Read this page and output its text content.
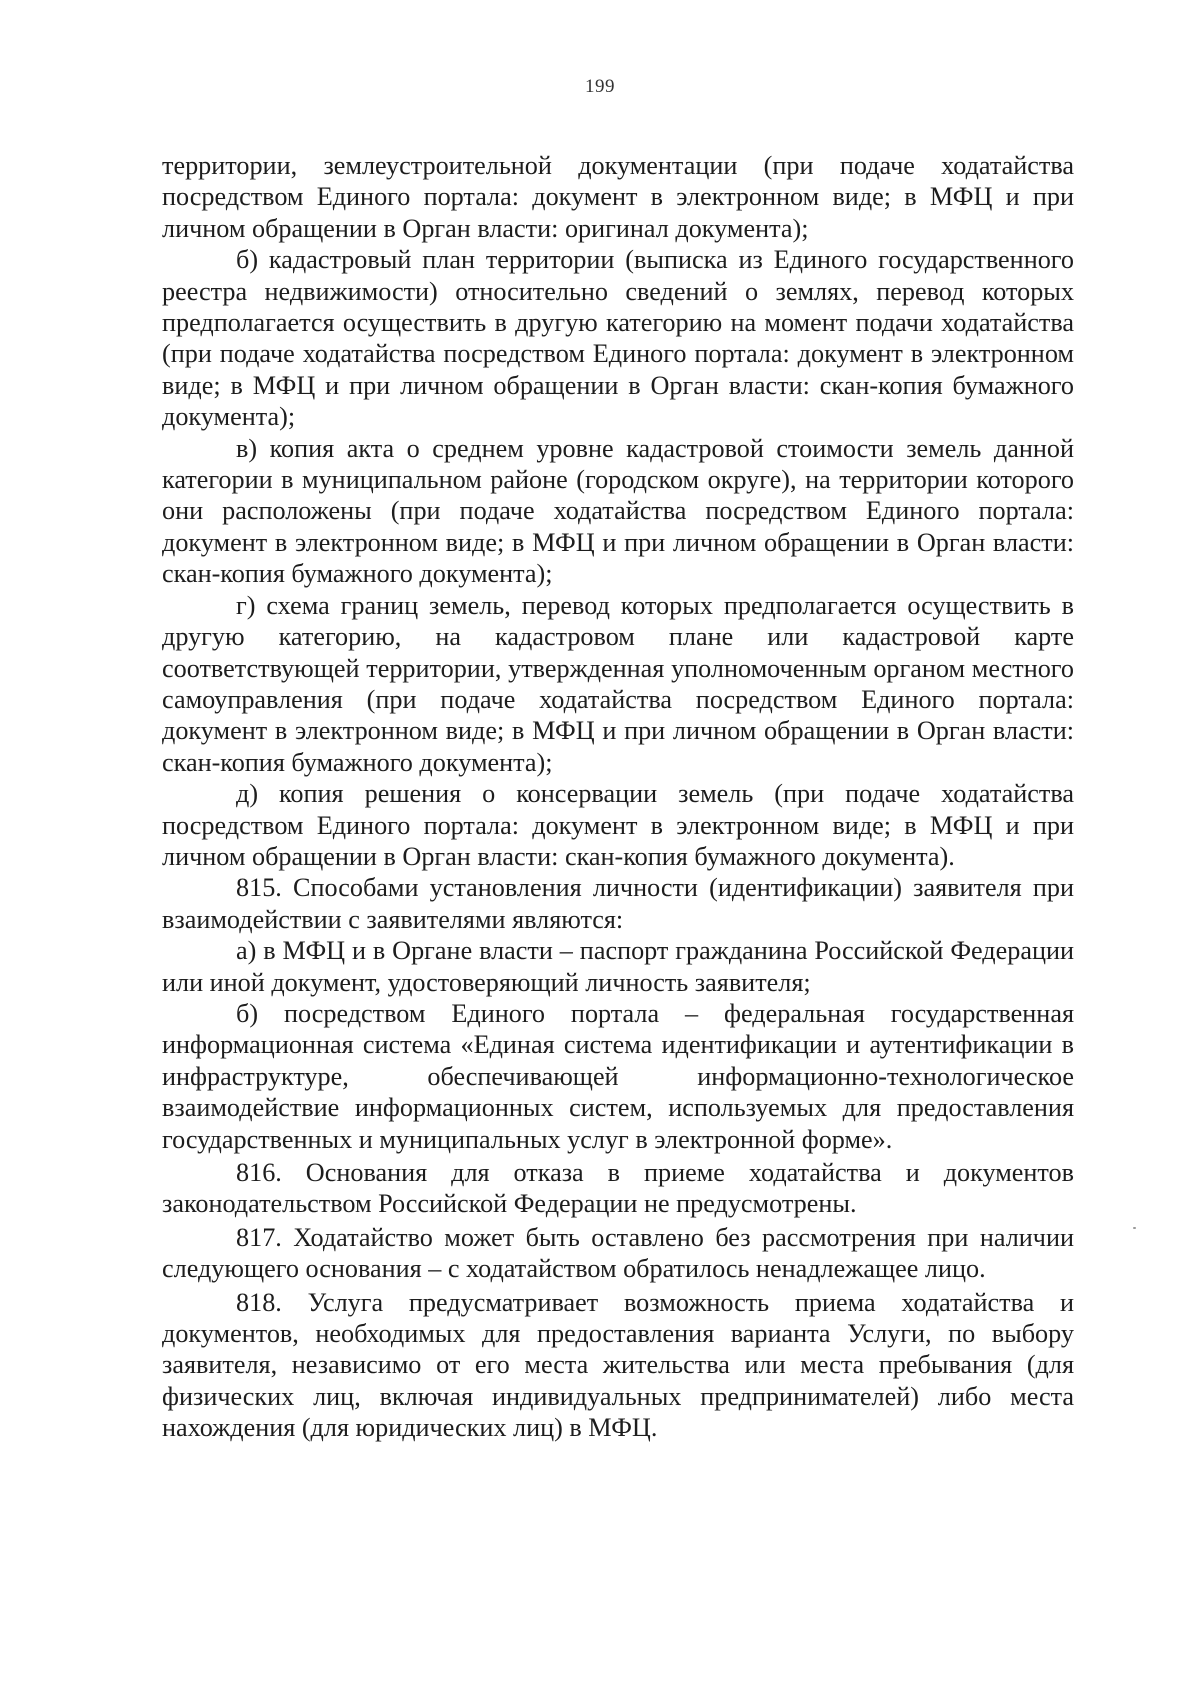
199

территории, землеустроительной документации (при подаче ходатайства посредством Единого портала: документ в электронном виде; в МФЦ и при личном обращении в Орган власти: оригинал документа);

б) кадастровый план территории (выписка из Единого государственного реестра недвижимости) относительно сведений о землях, перевод которых предполагается осуществить в другую категорию на момент подачи ходатайства (при подаче ходатайства посредством Единого портала: документ в электронном виде; в МФЦ и при личном обращении в Орган власти: скан-копия бумажного документа);

в) копия акта о среднем уровне кадастровой стоимости земель данной категории в муниципальном районе (городском округе), на территории которого они расположены (при подаче ходатайства посредством Единого портала: документ в электронном виде; в МФЦ и при личном обращении в Орган власти: скан-копия бумажного документа);

г) схема границ земель, перевод которых предполагается осуществить в другую категорию, на кадастровом плане или кадастровой карте соответствующей территории, утвержденная уполномоченным органом местного самоуправления (при подаче ходатайства посредством Единого портала: документ в электронном виде; в МФЦ и при личном обращении в Орган власти: скан-копия бумажного документа);

д) копия решения о консервации земель (при подаче ходатайства посредством Единого портала: документ в электронном виде; в МФЦ и при личном обращении в Орган власти: скан-копия бумажного документа).

815. Способами установления личности (идентификации) заявителя при взаимодействии с заявителями являются:

а) в МФЦ и в Органе власти – паспорт гражданина Российской Федерации или иной документ, удостоверяющий личность заявителя;

б) посредством Единого портала – федеральная государственная информационная система «Единая система идентификации и аутентификации в инфраструктуре, обеспечивающей информационно-технологическое взаимодействие информационных систем, используемых для предоставления государственных и муниципальных услуг в электронной форме».

816. Основания для отказа в приеме ходатайства и документов законодательством Российской Федерации не предусмотрены.

817. Ходатайство может быть оставлено без рассмотрения при наличии следующего основания – с ходатайством обратилось ненадлежащее лицо.

818. Услуга предусматривает возможность приема ходатайства и документов, необходимых для предоставления варианта Услуги, по выбору заявителя, независимо от его места жительства или места пребывания (для физических лиц, включая индивидуальных предпринимателей) либо места нахождения (для юридических лиц) в МФЦ.
